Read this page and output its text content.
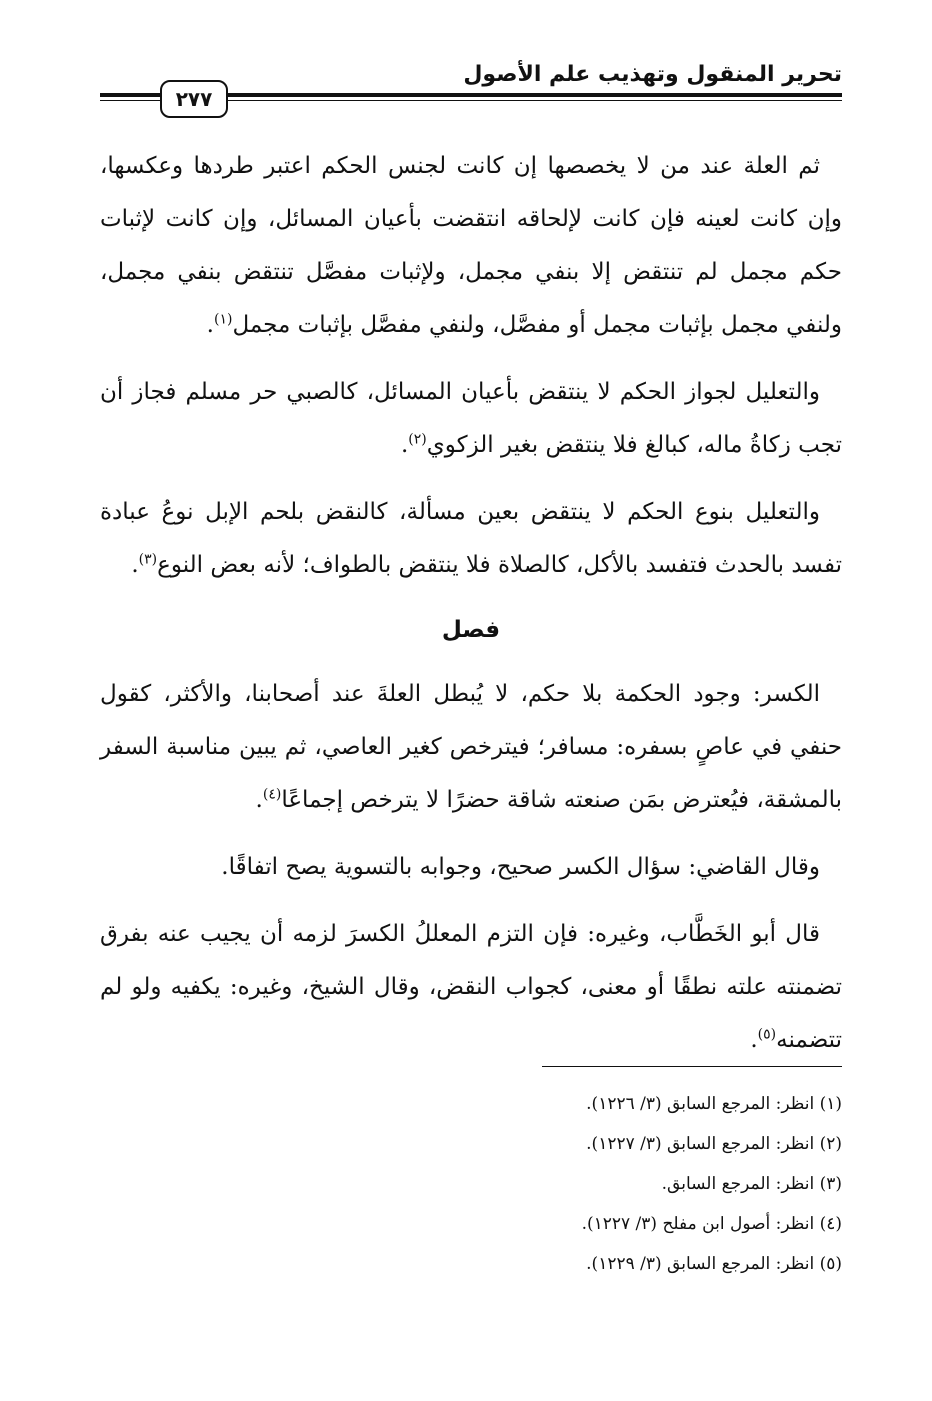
تحرير المنقول وتهذيب علم الأصول
٢٧٧

ثم العلة عند من لا يخصصها إن كانت لجنس الحكم اعتبر طردها وعكسها، وإن كانت لعينه فإن كانت لإلحاقه انتقضت بأعيان المسائل، وإن كانت لإثبات حكم مجمل لم تنتقض إلا بنفي مجمل، ولإثبات مفصَّل تنتقض بنفي مجمل، ولنفي مجمل بإثبات مجمل أو مفصَّل، ولنفي مفصَّل بإثبات مجمل$^{(١)}$.

والتعليل لجواز الحكم لا ينتقض بأعيان المسائل، كالصبي حر مسلم فجاز أن تجب زكاةُ ماله، كبالغ فلا ينتقض بغير الزكوي$^{(٢)}$.

والتعليل بنوع الحكم لا ينتقض بعين مسألة، كالنقض بلحم الإبل نوعُ عبادة تفسد بالحدث فتفسد بالأكل، كالصلاة فلا ينتقض بالطواف؛ لأنه بعض النوع$^{(٣)}$.

فصل

الكسر: وجود الحكمة بلا حكم، لا يُبطل العلةَ عند أصحابنا، والأكثر، كقول حنفي في عاصٍ بسفره: مسافر؛ فيترخص كغير العاصي، ثم يبين مناسبة السفر بالمشقة، فيُعترض بمَن صنعته شاقة حضرًا لا يترخص إجماعًا$^{(٤)}$.

وقال القاضي: سؤال الكسر صحيح، وجوابه بالتسوية يصح اتفاقًا.

قال أبو الخَطَّاب، وغيره: فإن التزم المعللُ الكسرَ لزمه أن يجيب عنه بفرق تضمنته علته نطقًا أو معنى، كجواب النقض، وقال الشيخ، وغيره: يكفيه ولو لم تتضمنه$^{(٥)}$.

(١) انظر: المرجع السابق (٣/ ١٢٢٦).
(٢) انظر: المرجع السابق (٣/ ١٢٢٧).
(٣) انظر: المرجع السابق.
(٤) انظر: أصول ابن مفلح (٣/ ١٢٢٧).
(٥) انظر: المرجع السابق (٣/ ١٢٢٩).
